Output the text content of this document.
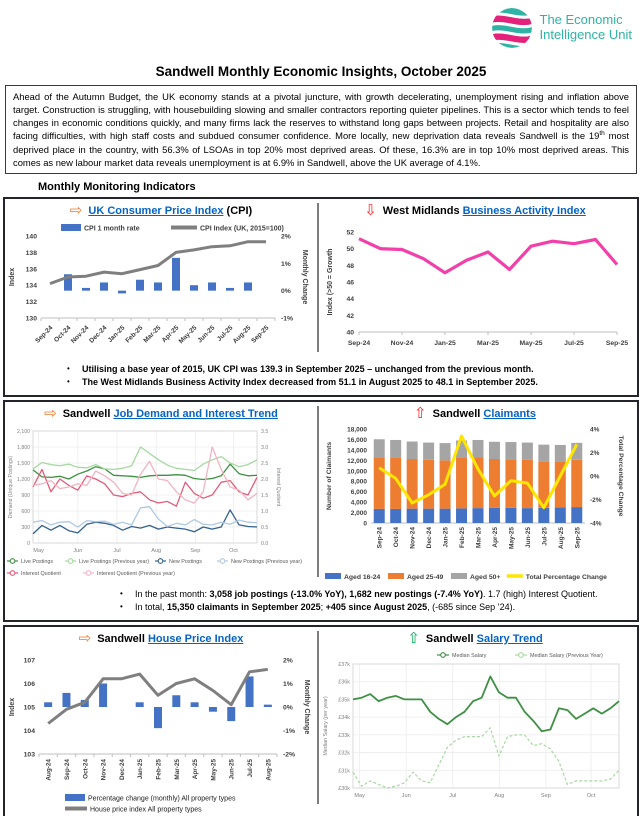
The Economic
Intelligence Unit
Sandwell Monthly Economic Insights, October 2025
Ahead of the Autumn Budget, the UK economy stands at a pivotal juncture, with growth decelerating, unemployment rising and inflation above target. Construction is struggling, with housebuilding slowing and smaller contractors reporting quieter pipelines. This is a sector which tends to feel changes in economic conditions quickly, and many firms lack the reserves to withstand long gaps between projects. Retail and hospitality are also facing difficulties, with high staff costs and subdued consumer confidence. More locally, new deprivation data reveals Sandwell is the 19th most deprived place in the country, with 56.3% of LSOAs in top 20% most deprived areas. Of these, 16.3% are in top 10% most deprived areas. This comes as new labour market data reveals unemployment is at 6.9% in Sandwell, above the UK average of 4.1%.
Monthly Monitoring Indicators
⇨ UK Consumer Price Index (CPI)
130
132
134
136
138
140	2%
1%
0%
-1%
Sep-24
Oct-24
Nov-24
Dec-24
Jan-25
Feb-25
Mar-25
Apr-25
May-25
Jun-25 Jul-25
Aug-25
Sep-25
CPI 1 month rate	CPI Index (UK, 2015=100)
Index	Monthly Change
⇩ West Midlands Business Activity Index
40
42
44
46
48
50
52
Sep-24	Nov-24	Jan-25	Mar-25	May-25	Jul-25	Sep-25
Index (>50 = Growth
•	Utilising a base year of 2015, UK CPI was 139.3 in September 2025 – unchanged from the previous month.
•	The West Midlands Business Activity Index decreased from 51.1 in August 2025 to 48.1 in September 2025.
⇨ Sandwell Job Demand and Interest Trend
0
300
600
900
1,200
1,500
1,800
2,100
May	Jun	Jul	Aug	Sep	Oct
0.0
0.5
1.0
1.5
2.0
2.5
3.0
3.5
Demand (Unique Postings)	Interest Quotient
Live Postings	Live Postings (Previous year)	New Postings	New Postings (Previous year)
Interest Quotient	Interest Quotient (Previous year)
⇧ Sandwell Claimants
0
2,000
4,000
6,000
8,000
10,000
12,000
14,000
16,000
18,000	4%
2%
0%
-2%
-4%
Sep-24 Oct-24 Nov-24 Dec-24 Jan-25 Feb-25 Mar-25 Apr-25 May-25 Jun-25 Jul-25 Aug-25 Sep-25
Number of Claimants	Total Percentage Change
Aged 16-24	Aged 25-49	Aged 50+	Total Percentage Change
•	In the past month: 3,058 job postings (-13.0% YoY), 1,682 new postings (-7.4% YoY). 1.7 (high) Interest Quotient.
•	In total, 15,350 claimants in September 2025; +405 since August 2025, (-685 since Sep ’24).
⇨ Sandwell House Price Index
103
104
105
106
107	2%
1%
0%
-1%
-2%
Aug-24 Sep-24 Oct-24 Nov-24 Dec-24 Jan-25 Feb-25 Mar-25 Apr-25 May-25 Jun-25 Jul-25 Aug-25
Percentage change (monthly) All property types
House price index All property types
Index	Monthly Change
⇧ Sandwell Salary Trend
£30k
£31k
£32k
£33k
£34k
£35k
£36k
£37k
May	Jun	Jul	Aug	Sep	Oct
Median Salary	Median Salary (Previous Year)
Median Salary (per year)
